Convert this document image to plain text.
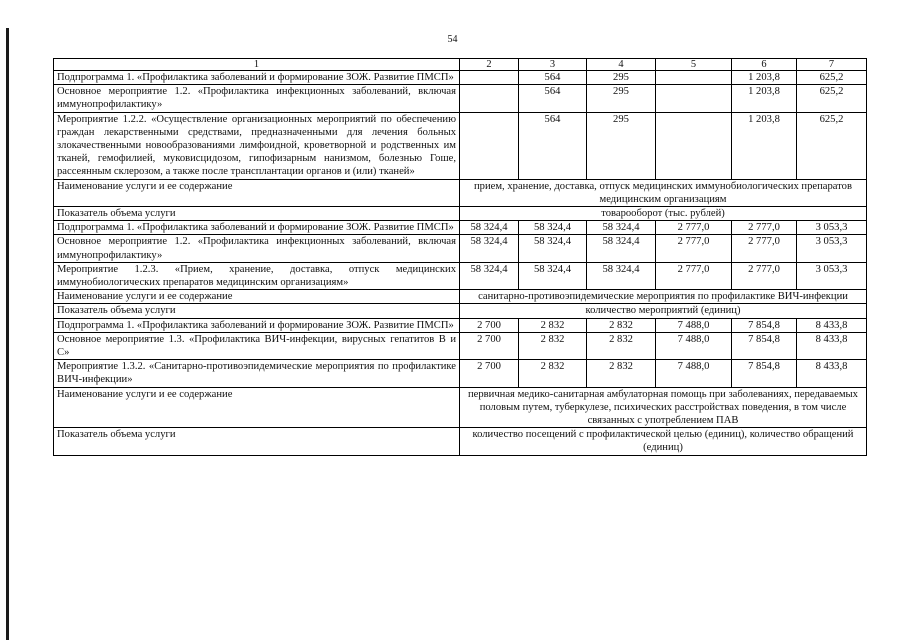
54
1	2	3	4	5	6	7
Подпрограмма 1. «Профилактика заболеваний и формирование ЗОЖ. Развитие ПМСП»		564	295		1 203,8	625,2
Основное мероприятие 1.2. «Профилактика инфекционных заболеваний, включая иммунопрофилактику»		564	295		1 203,8	625,2
Мероприятие 1.2.2. «Осуществление организационных мероприятий по обеспечению граждан лекарственными средствами, предназначенными для лечения больных злокачественными новообразованиями лимфоидной, кроветворной и родственных им тканей, гемофилией, муковисцидозом, гипофизарным нанизмом, болезнью Гоше, рассеянным склерозом, а также после трансплантации органов и (или) тканей»		564	295		1 203,8	625,2
Наименование услуги и ее содержание	прием, хранение, доставка, отпуск медицинских иммунобиологических препаратов медицинским организациям					
Показатель объема услуги	товарооборот (тыс. рублей)					
Подпрограмма 1. «Профилактика заболеваний и формирование ЗОЖ. Развитие ПМСП»	58 324,4	58 324,4	58 324,4	2 777,0	2 777,0	3 053,3
Основное мероприятие 1.2. «Профилактика инфекционных заболеваний, включая иммунопрофилактику»	58 324,4	58 324,4	58 324,4	2 777,0	2 777,0	3 053,3
Мероприятие 1.2.3. «Прием, хранение, доставка, отпуск медицинских иммунобиологических препаратов медицинским организациям»	58 324,4	58 324,4	58 324,4	2 777,0	2 777,0	3 053,3
Наименование услуги и ее содержание	санитарно-противоэпидемические мероприятия по профилактике ВИЧ-инфекции					
Показатель объема услуги	количество мероприятий (единиц)					
Подпрограмма 1. «Профилактика заболеваний и формирование ЗОЖ. Развитие ПМСП»	2 700	2 832	2 832	7 488,0	7 854,8	8 433,8
Основное мероприятие 1.3. «Профилактика ВИЧ-инфекции, вирусных гепатитов В и С»	2 700	2 832	2 832	7 488,0	7 854,8	8 433,8
Мероприятие 1.3.2. «Санитарно-противоэпидемические мероприятия по профилактике ВИЧ-инфекции»	2 700	2 832	2 832	7 488,0	7 854,8	8 433,8
Наименование услуги и ее содержание	первичная медико-санитарная амбулаторная помощь при заболеваниях, передаваемых половым путем, туберкулезе, психических расстройствах поведения, в том числе связанных с употреблением ПАВ					
Показатель объема услуги	количество посещений с профилактической целью (единиц), количество обращений (единиц)					
